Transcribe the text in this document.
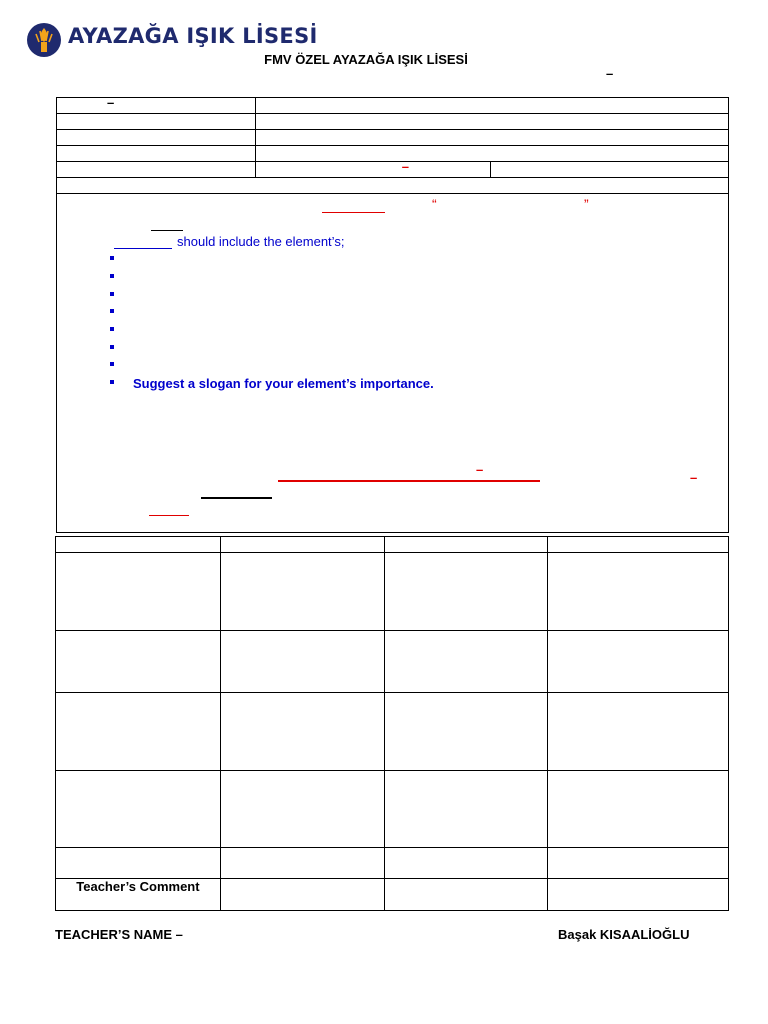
AYAZAĞA IŞIK LİSESİ
FMV ÖZEL AYAZAĞA IŞIK LİSESİ
–
–		

	–	

“	”
should include the element’s;
Suggest a slogan for your element’s importance.
–
–

Teacher’s Comment			
TEACHER’S NAME –	Başak KISAALİOĞLU
